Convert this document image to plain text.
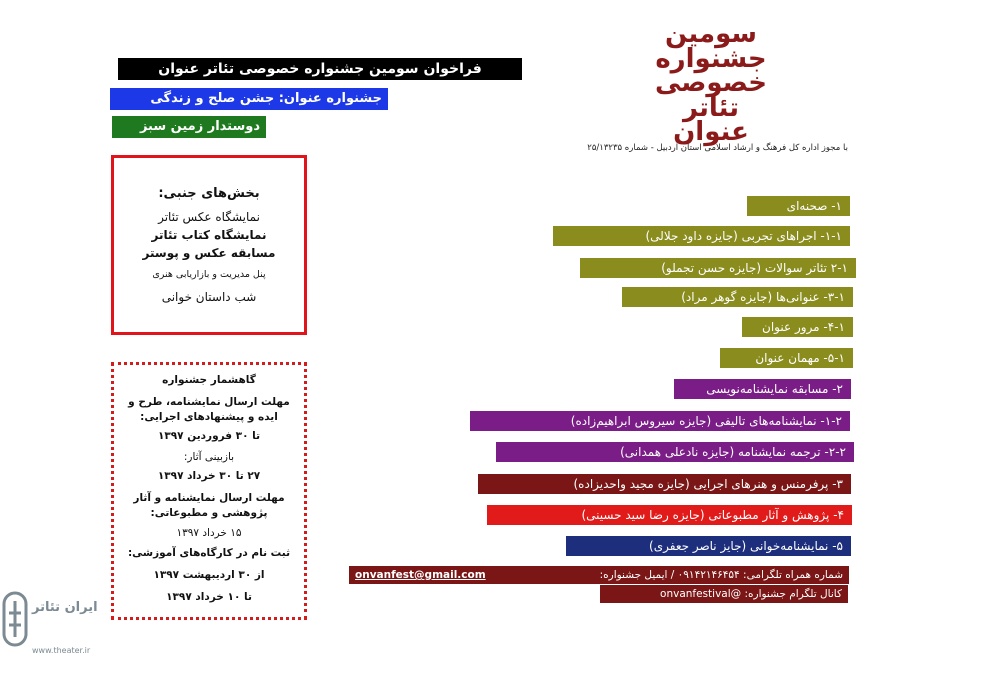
فراخوان سومین جشنواره خصوصی تئاتر عنوان
جشنواره عنوان: جشن صلح و زندگی
دوستدار زمین سبز
سومین
جشنواره
خصوصی
تئاتر
عنوان
با مجوز اداره کل فرهنگ و ارشاد اسلامی استان اردبیل - شماره ۲۵/۱۳۲۳۵
بخش‌های جنبی:
نمایشگاه عکس تئاتر
نمایشگاه کتاب تئاتر
مسابقه عکس و پوستر
پنل مدیریت و بازاریابی هنری
شب داستان خوانی
گاهشمار جشنواره
مهلت ارسال نمایشنامه، طرح و
ایده و پیشنهادهای اجرایی:
تا ۳۰ فروردین ۱۳۹۷
بازبینی آثار:
۲۷ تا ۳۰ خرداد ۱۳۹۷
مهلت ارسال نمایشنامه و آثار
پژوهشی و مطبوعاتی:
۱۵ خرداد ۱۳۹۷
ثبت نام در کارگاه‌های آموزشی:
از ۳۰ اردیبهشت ۱۳۹۷
تا ۱۰ خرداد ۱۳۹۷
۱- صحنه‌ای
۱-۱- اجراهای تجربی (جایزه داود جلالی)
۲-۱ تئاتر سوالات (جایزه حسن تجملو)
۳-۱- عنوانی‌ها (جایزه گوهر مراد)
۴-۱- مرور عنوان
۵-۱- مهمان عنوان
۲- مسابقه نمایشنامه‌نویسی
۱-۲- نمایشنامه‌های تالیفی (جایزه سیروس ابراهیم‌زاده)
۲-۲- ترجمه نمایشنامه (جایزه نادعلی همدانی)
۳- پرفرمنس و هنرهای اجرایی (جایزه مجید واحدیزاده)
۴- پژوهش و آثار مطبوعاتی (جایزه رضا سید حسینی)
۵- نمایشنامه‌خوانی (جایز ناصر جعفری)
onvanfest@gmail.com	شماره همراه تلگرامی: ۰۹۱۴۲۱۴۶۴۵۴ / ایمیل جشنواره:
کانال تلگرام جشنواره: @onvanfestival
ایران تئاتر
www.theater.ir
